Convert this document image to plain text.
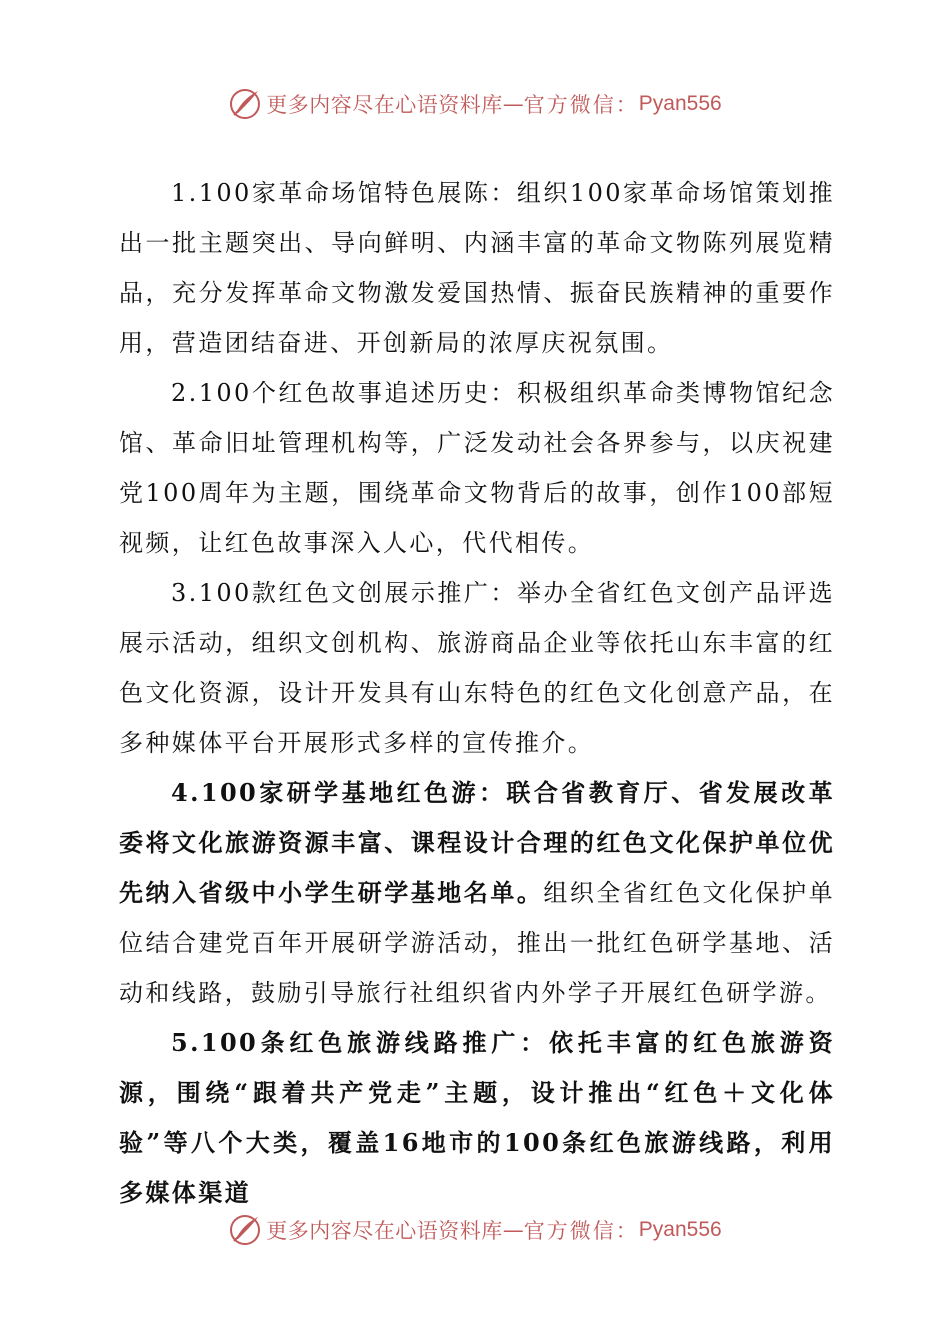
更多内容尽在心语资料库 — 官方微信： Pyan556

1.100家革命场馆特色展陈：组织100家革命场馆策划推出一批主题突出、导向鲜明、内涵丰富的革命文物陈列展览精品，充分发挥革命文物激发爱国热情、振奋民族精神的重要作用，营造团结奋进、开创新局的浓厚庆祝氛围。

2.100个红色故事追述历史：积极组织革命类博物馆纪念馆、革命旧址管理机构等，广泛发动社会各界参与，以庆祝建党100周年为主题，围绕革命文物背后的故事，创作100部短视频，让红色故事深入人心，代代相传。

3.100款红色文创展示推广：举办全省红色文创产品评选展示活动，组织文创机构、旅游商品企业等依托山东丰富的红色文化资源，设计开发具有山东特色的红色文化创意产品，在多种媒体平台开展形式多样的宣传推介。

4.100家研学基地红色游：联合省教育厅、省发展改革委将文化旅游资源丰富、课程设计合理的红色文化保护单位优先纳入省级中小学生研学基地名单。组织全省红色文化保护单位结合建党百年开展研学游活动，推出一批红色研学基地、活动和线路，鼓励引导旅行社组织省内外学子开展红色研学游。

5.100条红色旅游线路推广：依托丰富的红色旅游资源，围绕“跟着共产党走”主题，设计推出“红色＋文化体验”等八个大类，覆盖16地市的100条红色旅游线路，利用多媒体渠道

更多内容尽在心语资料库 — 官方微信： Pyan556
